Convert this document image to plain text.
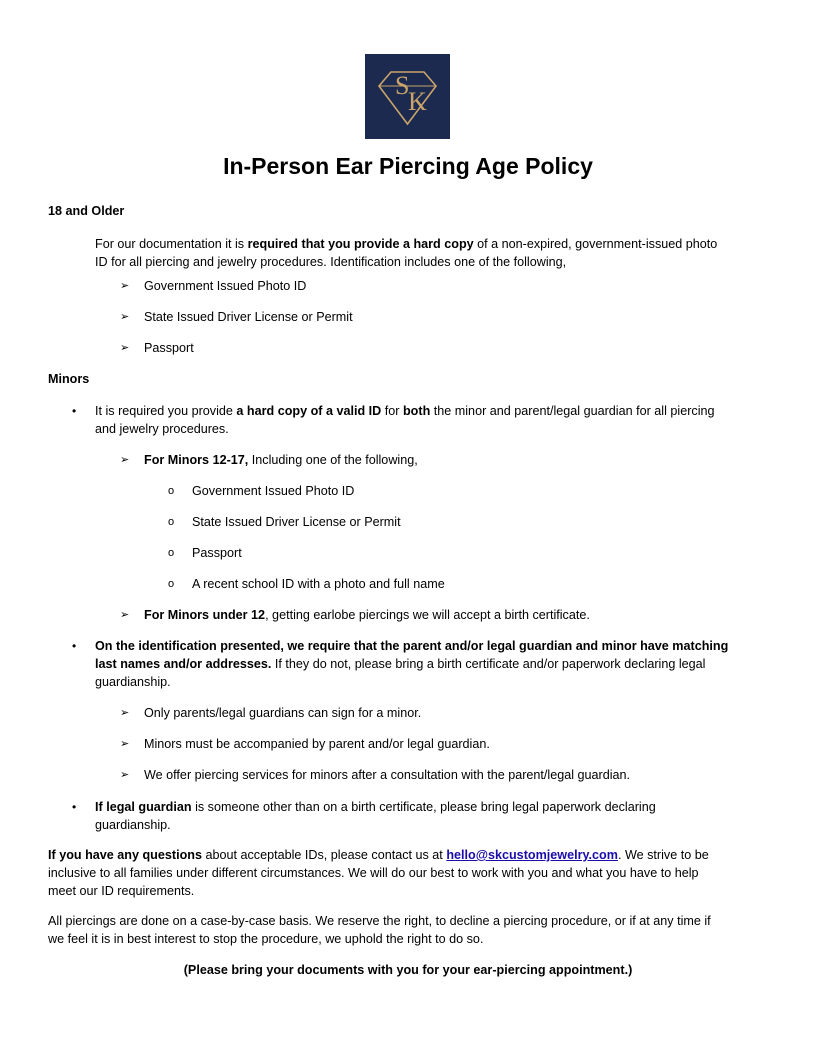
S
K
In-Person Ear Piercing Age Policy

18 and Older

For our documentation it is required that you provide a hard copy of a non-expired, government-issued photo
ID for all piercing and jewelry procedures. Identification includes one of the following,

➢ Government Issued Photo ID

➢ State Issued Driver License or Permit

➢ Passport

Minors

• It is required you provide a hard copy of a valid ID for both the minor and parent/legal guardian for all piercing
and jewelry procedures.

➢ For Minors 12-17, Including one of the following,

o Government Issued Photo ID

o State Issued Driver License or Permit

o Passport

o A recent school ID with a photo and full name

➢ For Minors under 12, getting earlobe piercings we will accept a birth certificate.

• On the identification presented, we require that the parent and/or legal guardian and minor have matching
last names and/or addresses. If they do not, please bring a birth certificate and/or paperwork declaring legal
guardianship.

➢ Only parents/legal guardians can sign for a minor.

➢ Minors must be accompanied by parent and/or legal guardian.

➢ We offer piercing services for minors after a consultation with the parent/legal guardian.

• If legal guardian is someone other than on a birth certificate, please bring legal paperwork declaring
guardianship.

If you have any questions about acceptable IDs, please contact us at hello@skcustomjewelry.com. We strive to be
inclusive to all families under different circumstances. We will do our best to work with you and what you have to help
meet our ID requirements.

All piercings are done on a case-by-case basis. We reserve the right, to decline a piercing procedure, or if at any time if
we feel it is in best interest to stop the procedure, we uphold the right to do so.

(Please bring your documents with you for your ear-piercing appointment.)
